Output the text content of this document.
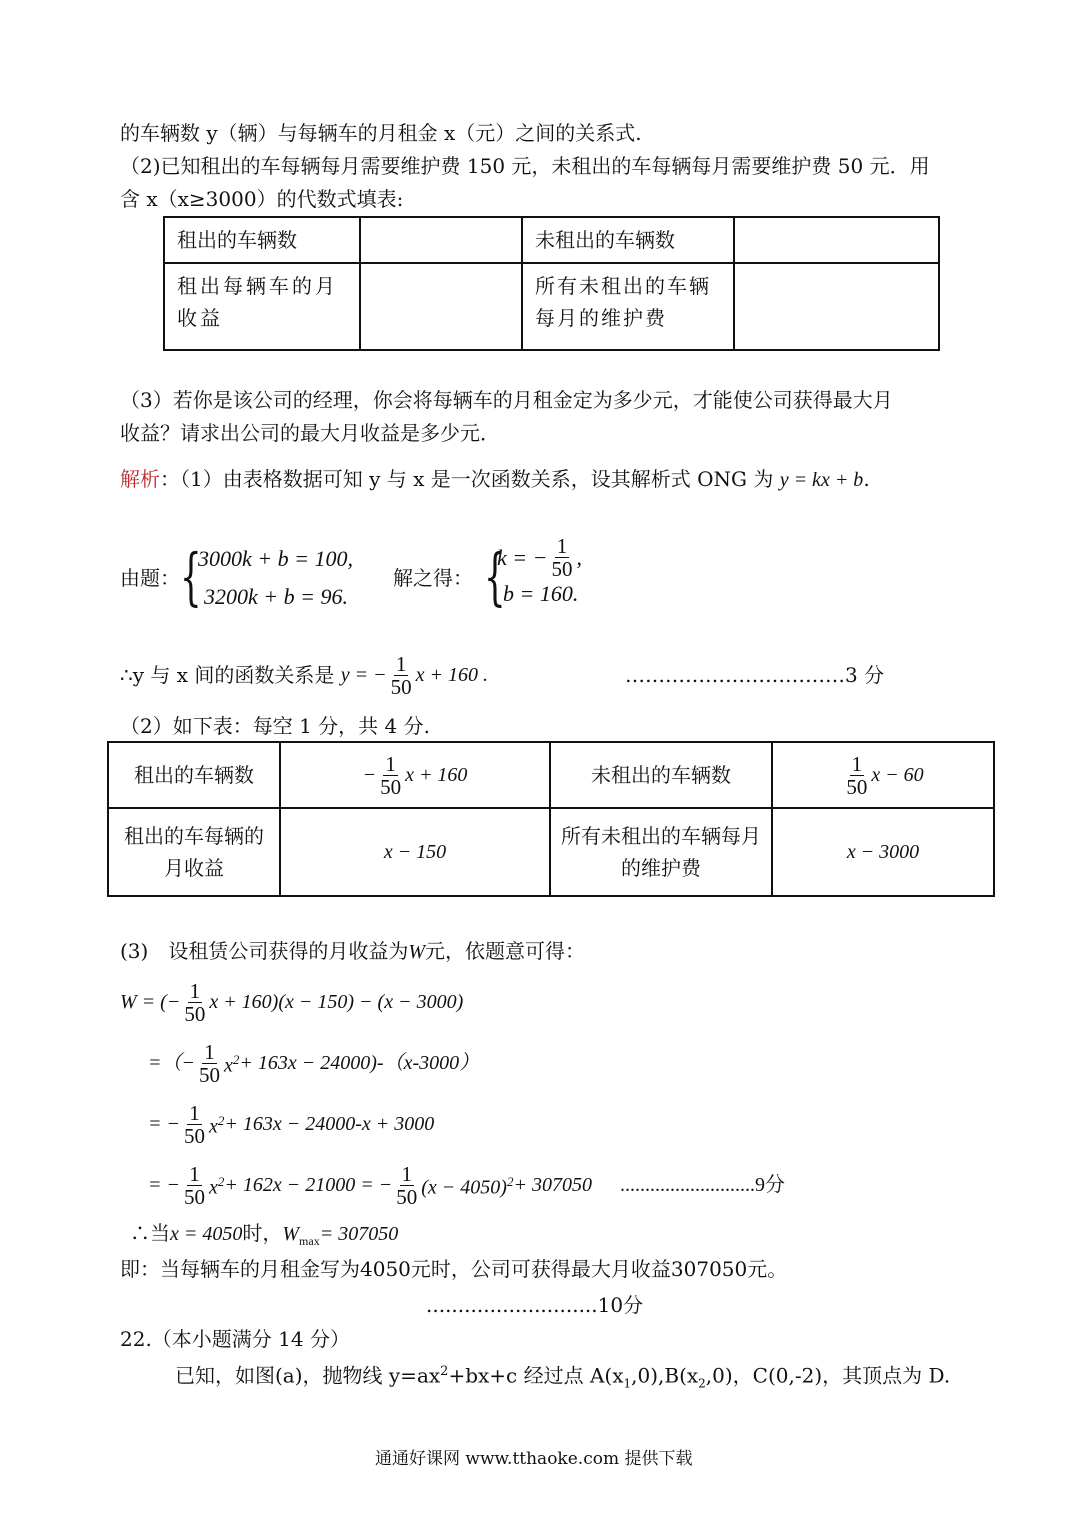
的车辆数 y（辆）与每辆车的月租金 x（元）之间的关系式.
（2)已知租出的车每辆每月需要维护费 150 元，未租出的车每辆每月需要维护费 50 元．用
含 x（x≥3000）的代数式填表:
租出的车辆数		未租出的车辆数	
租出每辆车的月收益		所有未租出的车辆每月的维护费	
（3）若你是该公司的经理，你会将每辆车的月租金定为多少元，才能使公司获得最大月
收益？请求出公司的最大月收益是多少元．
解析：（1）由表格数据可知 y 与 x 是一次函数关系，设其解析式 ONG 为 y = kx + b.
由题： {
3000k + b = 100,
3200k + b = 96.
解之得： {
k = − $\frac{1}{50}$ ,
b = 160.
∴y 与 x 间的函数关系是
y = − $\frac{1}{50}$ x + 160 .	……………………………3 分
（2）如下表：每空 1 分，共 4 分.
租出的车辆数	− $\frac{1}{50}$ x + 160	未租出的车辆数	$\frac{1}{50}$ x − 60
租出的车每辆的月收益	x − 150	所有未租出的车辆每月的维护费	x − 3000
(3)　设租赁公司获得的月收益为W元，依题意可得：
W = (− $\frac{1}{50}$ x + 160)(x − 150) − (x − 3000)
=（− $\frac{1}{50} x^2 + 163x - 24000)-(x-3000)$
= − $\frac{1}{50} x^2 + 163x - 24000-x + 3000$
= − $\frac{1}{50} x^2 + 162x - 21000$ = − $\frac{1}{50} (x - 4050)^2 + 307050$ ...........................9分
∴当x = 4050时，$W_{max}= 307050$
即：当每辆车的月租金写为4050元时，公司可获得最大月收益307050元。
...........................10分
22.（本小题满分 14 分）
已知，如图(a)，抛物线 $y=ax^2+bx+c$ 经过点 $A(x_1,0),B(x_2,0)$，C(0,-2)，其顶点为 D.
通通好课网 www.tthaoke.com 提供下载
